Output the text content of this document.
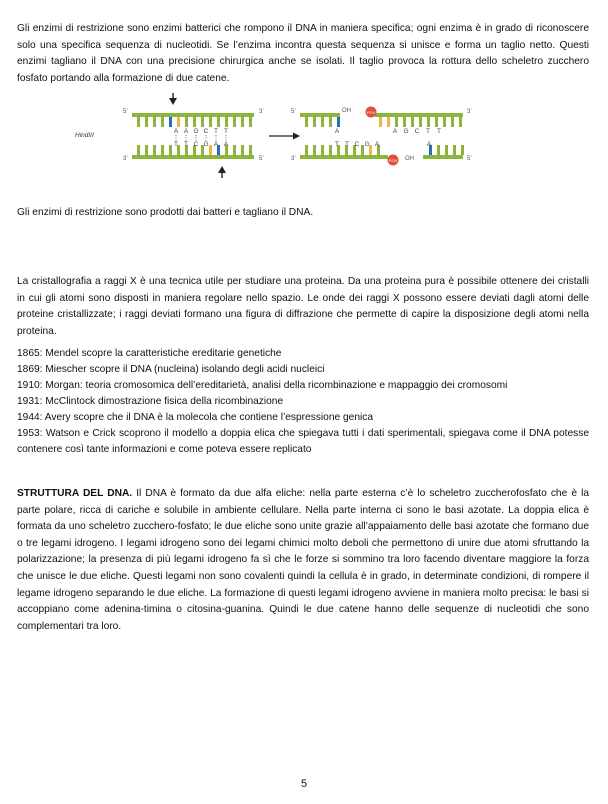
Gli enzimi di restrizione sono enzimi batterici che rompono il DNA in maniera specifica; ogni enzima è in grado di riconoscere solo una specifica sequenza di nucleotidi. Se l’enzima incontra questa sequenza si unisce e forma un taglio netto. Questi enzimi tagliano il DNA con una precisione chirurgica anche se isolati. Il taglio provoca la rottura dello scheletro zucchero fosfato portando alla formazione di due catene.

HindIII
5’	3’
3’	5’
A A G C T T
T T C G A A
⋮ ⋮ ⋮ ⋮ ⋮ ⋮
5’	OH	3’
3’	OH	5’
A
T T C G A
A G C T T
A
PO4
PO4

Gli enzimi di restrizione sono prodotti dai batteri e tagliano il DNA.

La cristallografia a raggi X è una tecnica utile per studiare una proteina. Da una proteina pura è possibile ottenere dei cristalli in cui gli atomi sono disposti in maniera regolare nello spazio. Le onde dei raggi X possono essere deviati dagli atomi delle proteine cristallizzate; i raggi deviati formano una figura di diffrazione che permette di capire la disposizione degli atomi nella proteina.

1865: Mendel scopre la caratteristiche ereditarie genetiche

1869: Miescher scopre il DNA (nucleina) isolando degli acidi nucleici

1910: Morgan: teoria cromosomica dell’ereditarietà, analisi della ricombinazione e mappaggio dei cromosomi

1931: McClintock dimostrazione fisica della ricombinazione

1944: Avery scopre che il DNA è la molecola che contiene l’espressione genica

1953: Watson e Crick scoprono il modello a doppia elica che spiegava tutti i dati sperimentali, spiegava come il DNA potesse contenere così tante informazioni e come poteva essere replicato

STRUTTURA DEL DNA. Il DNA è formato da due alfa eliche: nella parte esterna c’è lo scheletro zuccherofosfato che è la parte polare, ricca di cariche e solubile in ambiente cellulare. Nella parte interna ci sono le basi azotate. La doppia elica è formata da uno scheletro zucchero-fosfato; le due eliche sono unite grazie all’appaiamento delle basi azotate che formano due o tre legami idrogeno. I legami idrogeno sono dei legami chimici molto deboli che permettono di unire due atomi sfruttando la polarizzazione; la presenza di più legami idrogeno fa sì che le forze si sommino tra loro facendo diventare maggiore la forza che unisce le due eliche. Questi legami non sono covalenti quindi la cellula è in grado, in determinate condizioni, di rompere il legame idrogeno separando le due eliche. La formazione di questi legami idrogeno avviene in maniera molto precisa: le basi si accoppiano come adenina-timina o citosina-guanina. Quindi le due catene hanno delle sequenze di nucleotidi che sono complementari tra loro.

5
